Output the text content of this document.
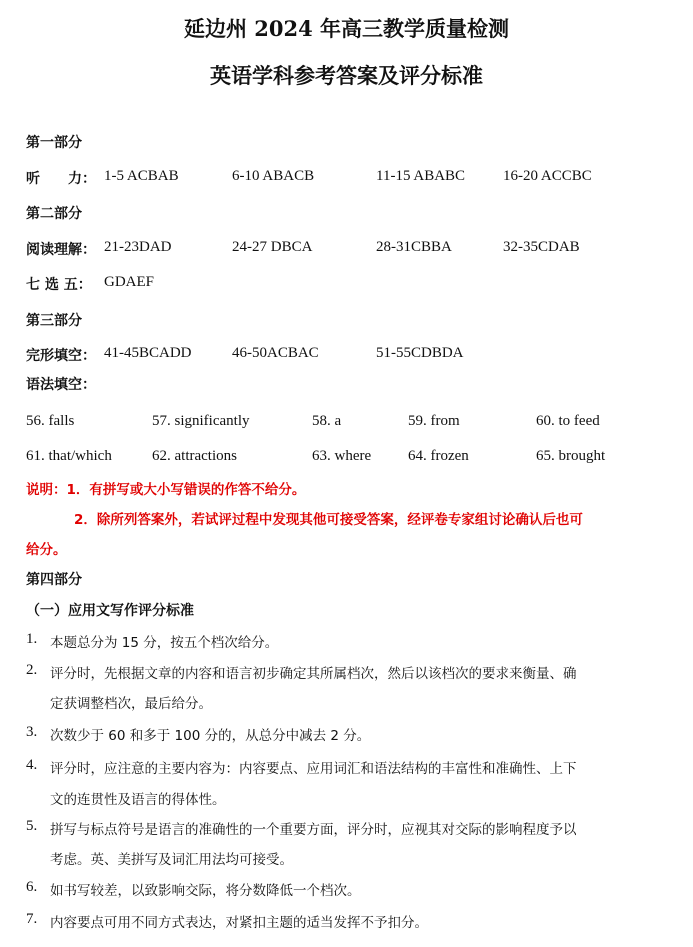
延边州 2024 年高三教学质量检测
英语学科参考答案及评分标准
第一部分
听　　力： 1-5 ACBAB	6-10 ABACB	11-15 ABABC	16-20 ACCBC
第二部分
阅读理解： 21-23DAD	24-27 DBCA	28-31CBBA	32-35CDAB
七 选 五： GDAEF
第三部分
完形填空： 41-45BCADD	46-50ACBAC	51-55CDBDA
语法填空：
56. falls	57. significantly	58. a	59. from	60. to feed
61. that/which	62. attractions	63. where 64. frozen	65. brought
说明：1．有拼写或大小写错误的作答不给分。
2．除所列答案外，若试评过程中发现其他可接受答案，经评卷专家组讨论确认后也可
给分。
第四部分
（一）应用文写作评分标准
1. 本题总分为 15 分，按五个档次给分。
2. 评分时，先根据文章的内容和语言初步确定其所属档次，然后以该档次的要求来衡量、确
定获调整档次，最后给分。
3. 次数少于 60 和多于 100 分的，从总分中减去 2 分。
4. 评分时，应注意的主要内容为：内容要点、应用词汇和语法结构的丰富性和准确性、上下
文的连贯性及语言的得体性。
5. 拼写与标点符号是语言的准确性的一个重要方面，评分时，应视其对交际的影响程度予以
考虑。英、美拼写及词汇用法均可接受。
6. 如书写较差，以致影响交际，将分数降低一个档次。
7. 内容要点可用不同方式表达，对紧扣主题的适当发挥不予扣分。
